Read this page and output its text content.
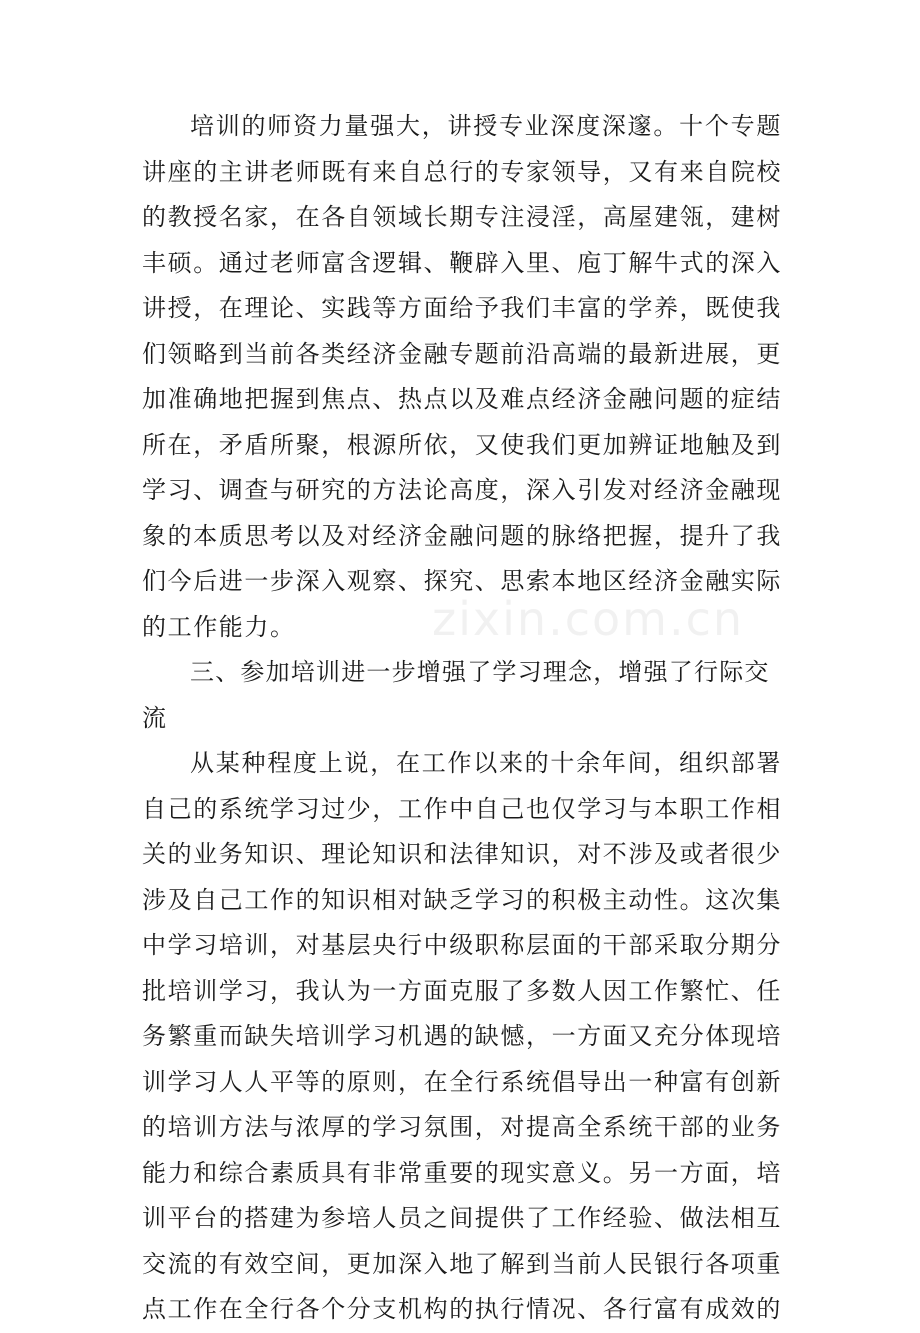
培训的师资力量强大，讲授专业深度深邃。十个专题讲座的主讲老师既有来自总行的专家领导，又有来自院校的教授名家，在各自领域长期专注浸淫，高屋建瓴，建树丰硕。通过老师富含逻辑、鞭辟入里、庖丁解牛式的深入讲授，在理论、实践等方面给予我们丰富的学养，既使我们领略到当前各类经济金融专题前沿高端的最新进展，更加准确地把握到焦点、热点以及难点经济金融问题的症结所在，矛盾所聚，根源所依，又使我们更加辨证地触及到学习、调查与研究的方法论高度，深入引发对经济金融现象的本质思考以及对经济金融问题的脉络把握，提升了我们今后进一步深入观察、探究、思索本地区经济金融实际的工作能力。

三、参加培训进一步增强了学习理念，增强了行际交流

从某种程度上说，在工作以来的十余年间，组织部署自己的系统学习过少，工作中自己也仅学习与本职工作相关的业务知识、理论知识和法律知识，对不涉及或者很少涉及自己工作的知识相对缺乏学习的积极主动性。这次集中学习培训，对基层央行中级职称层面的干部采取分期分批培训学习，我认为一方面克服了多数人因工作繁忙、任务繁重而缺失培训学习机遇的缺憾，一方面又充分体现培训学习人人平等的原则，在全行系统倡导出一种富有创新的培训方法与浓厚的学习氛围，对提高全系统干部的业务能力和综合素质具有非常重要的现实意义。另一方面，培训平台的搭建为参培人员之间提供了工作经验、做法相互交流的有效空间，更加深入地了解到当前人民银行各项重点工作在全行各个分支机构的执行情况、各行富有成效的

zixin.com.cn
